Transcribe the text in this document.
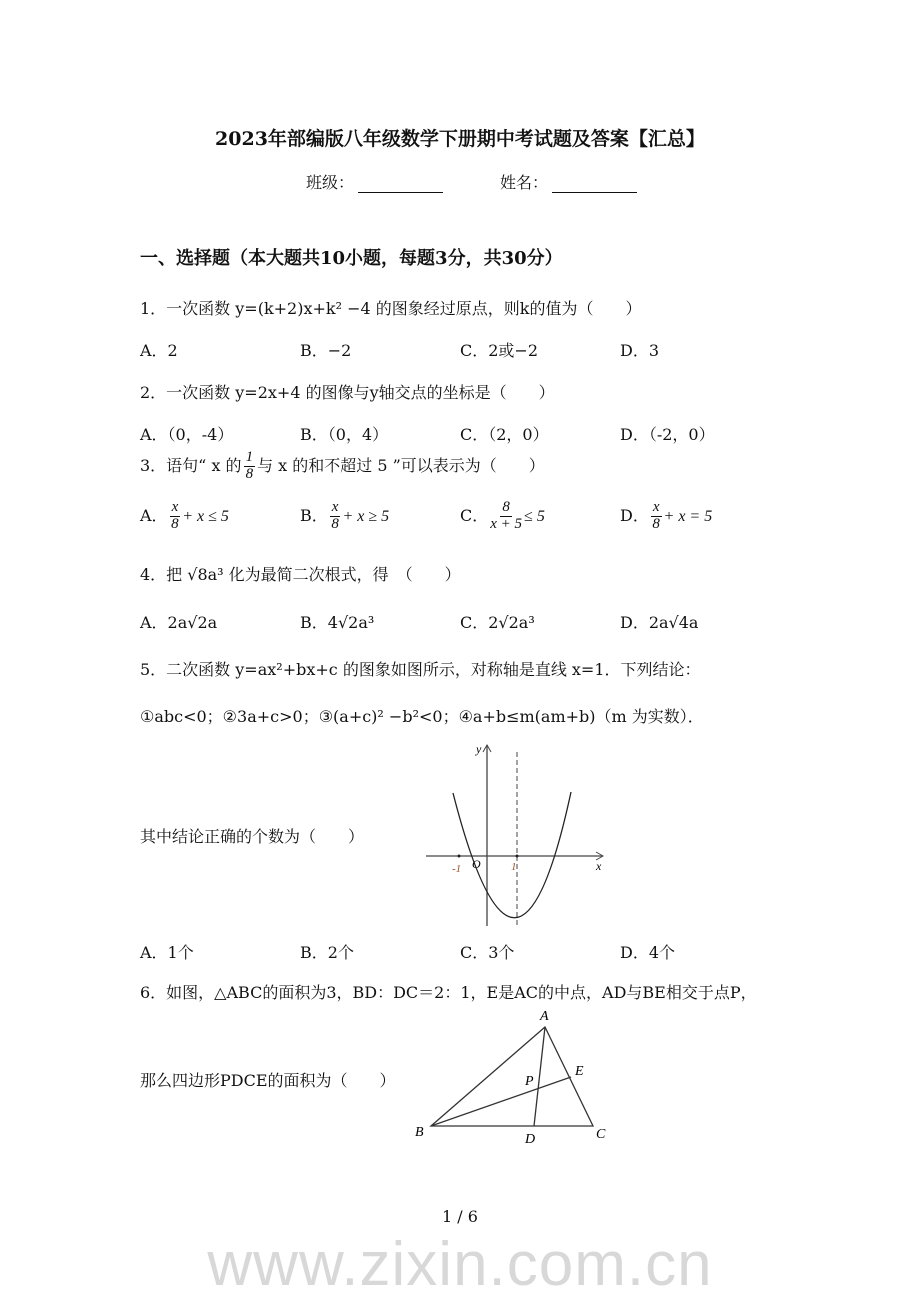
2023年部编版八年级数学下册期中考试题及答案【汇总】
班级：	姓名：
一、选择题（本大题共10小题，每题3分，共30分）
www.zixin.com.cn
1．一次函数 y=(k+2)x+k² −4 的图象经过原点，则k的值为（　　）
A．2	B．−2	C．2或−2	D．3
2．一次函数 y=2x+4 的图像与y轴交点的坐标是（　　）
A．（0，-4）	B．（0，4）	C．（2，0）	D．（-2，0）
3．语句“ x 的 $\frac{1}{8}$ 与 x 的和不超过 5 ”可以表示为（　　）
A． $\frac{x}{8} + x \le 5$	B． $\frac{x}{8} + x \ge 5$	C． $\frac{8}{x + 5} \le 5$	D． $\frac{x}{8} + x = 5$
4．把 √8a³ 化为最简二次根式，得　（　　）
A．2a√2a	B．4√2a³	C．2√2a³	D．2a√4a
5．二次函数 y=ax²+bx+c 的图象如图所示，对称轴是直线 x=1．下列结论：
①abc<0；②3a+c>0；③(a+c)² −b²<0；④a+b≤m(am+b)（m 为实数）．
其中结论正确的个数为（　　）
y
x
O
-1	1
A
B	C
D
E
P
A．1个	B．2个	C．3个	D．4个
6．如图，△ABC的面积为3，BD：DC＝2：1，E是AC的中点，AD与BE相交于点P，
那么四边形PDCE的面积为（　　）
1 / 6
